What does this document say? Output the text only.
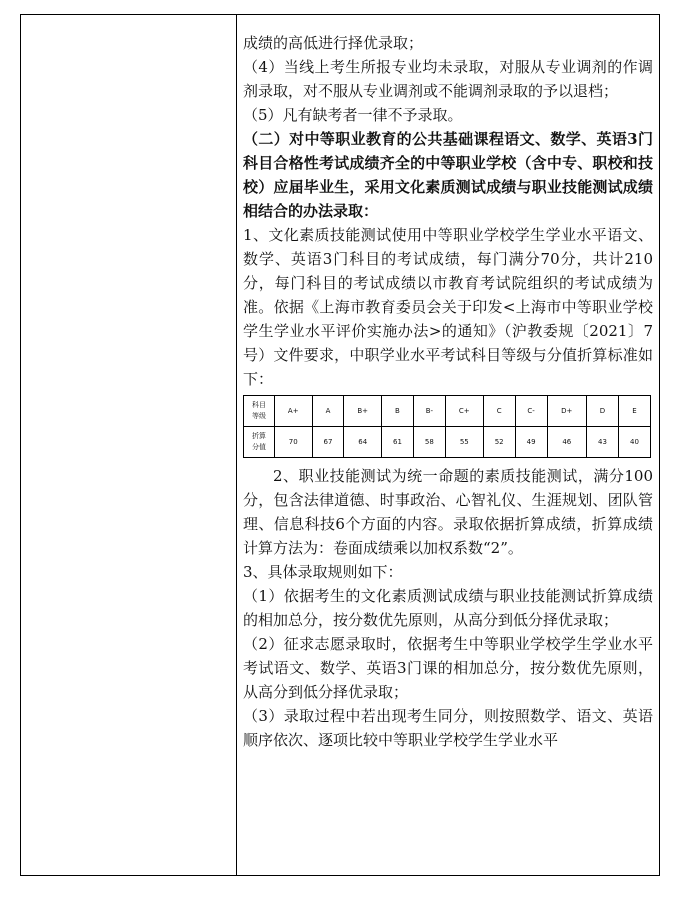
成绩的高低进行择优录取；

（4）当线上考生所报专业均未录取，对服从专业调剂的作调剂录取，对不服从专业调剂或不能调剂录取的予以退档；

（5）凡有缺考者一律不予录取。

（二）对中等职业教育的公共基础课程语文、数学、英语3门科目合格性考试成绩齐全的中等职业学校（含中专、职校和技校）应届毕业生，采用文化素质测试成绩与职业技能测试成绩相结合的办法录取：

1、文化素质技能测试使用中等职业学校学生学业水平语文、数学、英语3门科目的考试成绩，每门满分70分，共计210分，每门科目的考试成绩以市教育考试院组织的考试成绩为准。依据《上海市教育委员会关于印发<上海市中等职业学校学生学业水平评价实施办法>的通知》（沪教委规〔2021〕7号）文件要求，中职学业水平考试科目等级与分值折算标准如下：

科目
等级	A+	A	B+	B	B-	C+	C	C-	D+	D	E

折算
分值	70	67	64	61	58	55	52	49	46	43	40

2、职业技能测试为统一命题的素质技能测试，满分100分，包含法律道德、时事政治、心智礼仪、生涯规划、团队管理、信息科技6个方面的内容。录取依据折算成绩，折算成绩计算方法为：卷面成绩乘以加权系数“2”。

3、具体录取规则如下：

（1）依据考生的文化素质测试成绩与职业技能测试折算成绩的相加总分，按分数优先原则，从高分到低分择优录取；

（2）征求志愿录取时，依据考生中等职业学校学生学业水平考试语文、数学、英语3门课的相加总分，按分数优先原则，从高分到低分择优录取；

（3）录取过程中若出现考生同分，则按照数学、语文、英语顺序依次、逐项比较中等职业学校学生学业水平
